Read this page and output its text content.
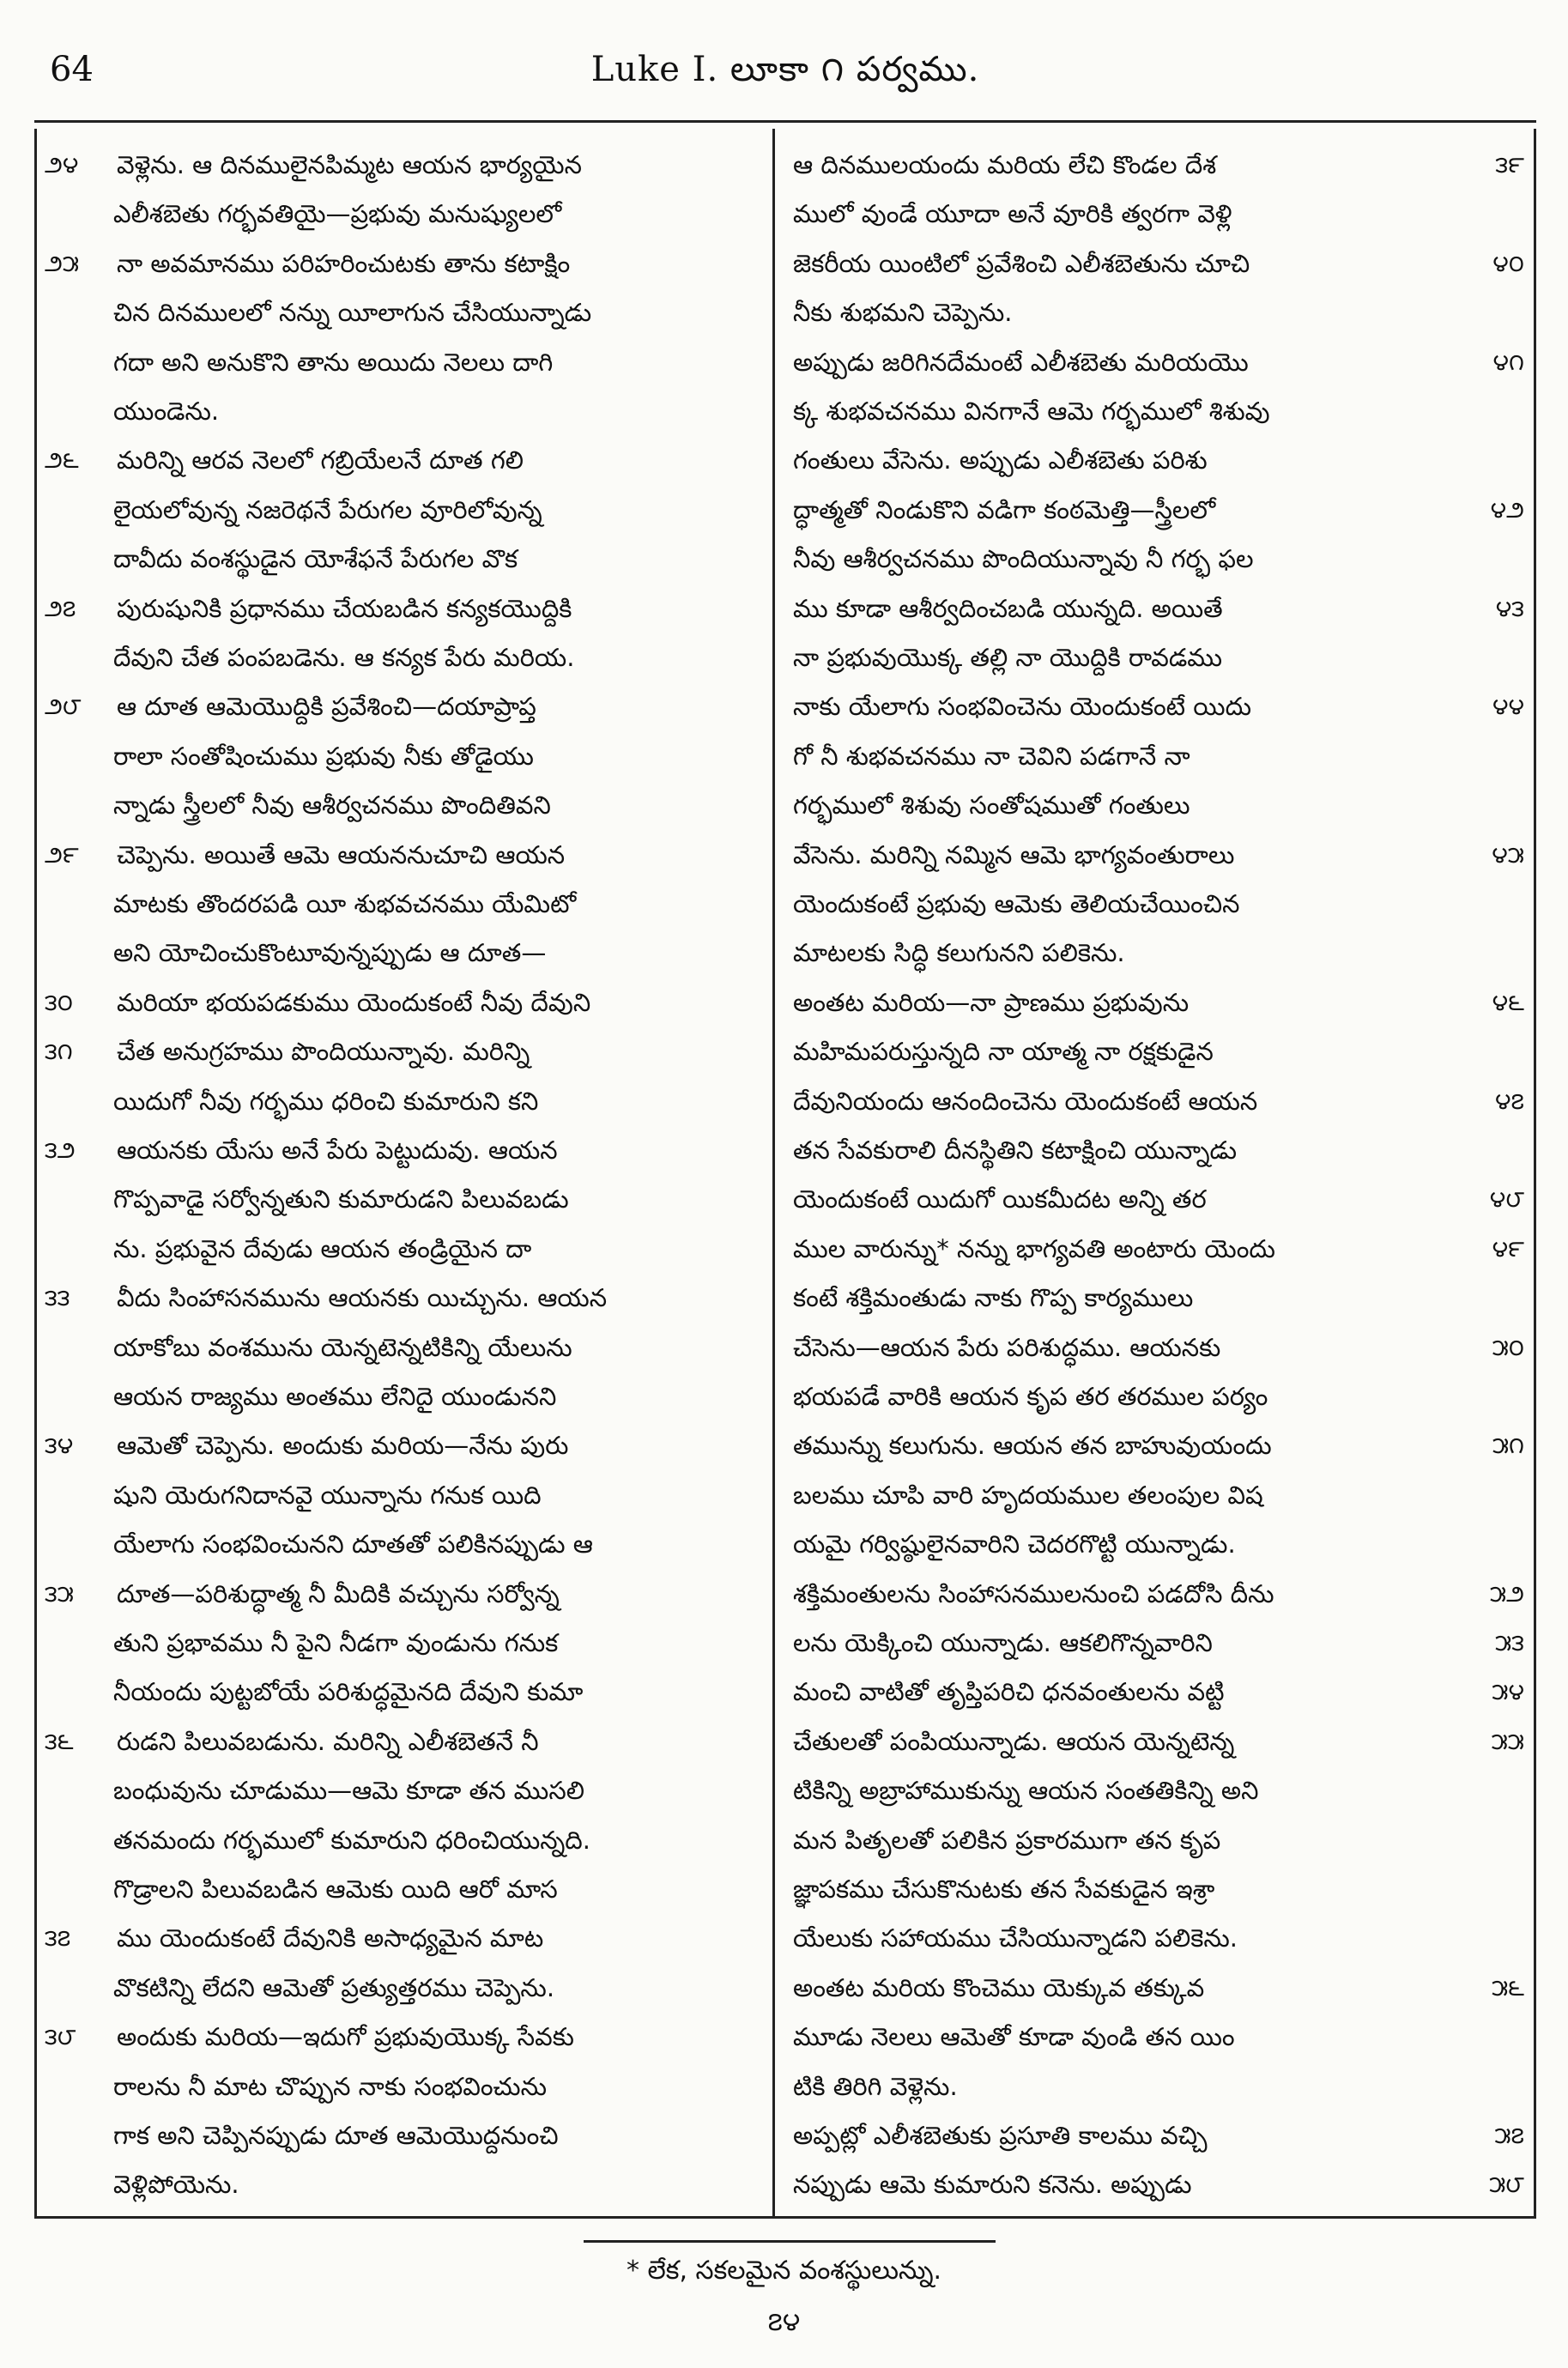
64	Luke I. లూకా ౧ పర్వము.
౨౪	వెళ్లెను. ఆ దినములైనపిమ్మట ఆయన భార్యయైన
ఎలీశబెతు గర్భవతియై—ప్రభువు మనుష్యులలో
౨౫	నా అవమానము పరిహరించుటకు తాను కటాక్షిం
చిన దినములలో నన్ను యీలాగున చేసియున్నాడు
గదా అని అనుకొని తాను అయిదు నెలలు దాగి
యుండెను.
౨౬	మరిన్ని ఆరవ నెలలో గబ్రియేలనే దూత గలి
లైయలోవున్న నజరెథనే పేరుగల వూరిలోవున్న
దావీదు వంశస్థుడైన యోశేఫనే పేరుగల వొక
౨౭	పురుషునికి ప్రధానము చేయబడిన కన్యకయొద్దికి
దేవుని చేత పంపబడెను. ఆ కన్యక పేరు మరియ.
౨౮	ఆ దూత ఆమెయొద్దికి ప్రవేశించి—దయాప్రాప్త
రాలా సంతోషించుము ప్రభువు నీకు తోడైయు
న్నాడు స్త్రీలలో నీవు ఆశీర్వచనము పొందితివని
౨౯	చెప్పెను. అయితే ఆమె ఆయననుచూచి ఆయన
మాటకు తొందరపడి యీ శుభవచనము యేమిటో
అని యోచించుకొంటూవున్నప్పుడు ఆ దూత—
౩౦	మరియా భయపడకుము యెందుకంటే నీవు దేవుని
౩౧	చేత అనుగ్రహము పొందియున్నావు. మరిన్ని
యిదుగో నీవు గర్భము ధరించి కుమారుని కని
౩౨	ఆయనకు యేసు అనే పేరు పెట్టుదువు. ఆయన
గొప్పవాడై సర్వోన్నతుని కుమారుడని పిలువబడు
ను. ప్రభువైన దేవుడు ఆయన తండ్రియైన దా
౩౩	వీదు సింహాసనమును ఆయనకు యిచ్చును. ఆయన
యాకోబు వంశమును యెన్నటెన్నటికిన్ని యేలును
ఆయన రాజ్యము అంతము లేనిదై యుండునని
౩౪	ఆమెతో చెప్పెను. అందుకు మరియ—నేను పురు
షుని యెరుగనిదానవై యున్నాను గనుక యిది
యేలాగు సంభవించునని దూతతో పలికినప్పుడు ఆ
౩౫	దూత—పరిశుద్ధాత్మ నీ మీదికి వచ్చును సర్వోన్న
తుని ప్రభావము నీ పైని నీడగా వుండును గనుక
నీయందు పుట్టబోయే పరిశుద్ధమైనది దేవుని కుమా
౩౬	రుడని పిలువబడును. మరిన్ని ఎలీశబెతనే నీ
బంధువును చూడుము—ఆమె కూడా తన ముసలి
తనమందు గర్భములో కుమారుని ధరించియున్నది.
గొడ్రాలని పిలువబడిన ఆమెకు యిది ఆరో మాస
౩౭	ము యెందుకంటే దేవునికి అసాధ్యమైన మాట
వొకటిన్ని లేదని ఆమెతో ప్రత్యుత్తరము చెప్పెను.
౩౮	అందుకు మరియ—ఇదుగో ప్రభువుయొక్క సేవకు
రాలను నీ మాట చొప్పున నాకు సంభవించును
గాక అని చెప్పినప్పుడు దూత ఆమెయొద్దనుంచి
వెళ్లిపోయెను.
ఆ దినములయందు మరియ లేచి కొండల దేశ	౩౯
ములో వుండే యూదా అనే వూరికి త్వరగా వెళ్లి
జెకరీయ యింటిలో ప్రవేశించి ఎలీశబెతును చూచి	౪౦
నీకు శుభమని చెప్పెను.
అప్పుడు జరిగినదేమంటే ఎలీశబెతు మరియయొ	౪౧
క్క శుభవచనము వినగానే ఆమె గర్భములో శిశువు
గంతులు వేసెను. అప్పుడు ఎలీశబెతు పరిశు
ద్ధాత్మతో నిండుకొని వడిగా కంఠమెత్తి—స్త్రీలలో	౪౨
నీవు ఆశీర్వచనము పొందియున్నావు నీ గర్భ ఫల
ము కూడా ఆశీర్వదించబడి యున్నది. అయితే	౪౩
నా ప్రభువుయొక్క తల్లి నా యొద్దికి రావడము
నాకు యేలాగు సంభవించెను యెందుకంటే యిదు	౪౪
గో నీ శుభవచనము నా చెవిని పడగానే నా
గర్భములో శిశువు సంతోషముతో గంతులు
వేసెను. మరిన్ని నమ్మిన ఆమె భాగ్యవంతురాలు	౪౫
యెందుకంటే ప్రభువు ఆమెకు తెలియచేయించిన
మాటలకు సిద్ధి కలుగునని పలికెను.
అంతట మరియ—నా ప్రాణము ప్రభువును	౪౬
మహిమపరుస్తున్నది నా యాత్మ నా రక్షకుడైన
దేవునియందు ఆనందించెను యెందుకంటే ఆయన	౪౭
తన సేవకురాలి దీనస్థితిని కటాక్షించి యున్నాడు
యెందుకంటే యిదుగో యికమీదట అన్ని తర	౪౮
ముల వారున్ను* నన్ను భాగ్యవతి అంటారు యెందు	౪౯
కంటే శక్తిమంతుడు నాకు గొప్ప కార్యములు
చేసెను—ఆయన పేరు పరిశుద్ధము. ఆయనకు	౫౦
భయపడే వారికి ఆయన కృప తర తరముల పర్యం
తమున్ను కలుగును. ఆయన తన బాహువుయందు	౫౧
బలము చూపి వారి హృదయముల తలంపుల విష
యమై గర్విష్ఠులైనవారిని చెదరగొట్టి యున్నాడు.
శక్తిమంతులను సింహాసనములనుంచి పడదోసి దీను	౫౨
లను యెక్కించి యున్నాడు. ఆకలిగొన్నవారిని	౫౩
మంచి వాటితో తృప్తిపరిచి ధనవంతులను వట్టి	౫౪
చేతులతో పంపియున్నాడు. ఆయన యెన్నటెన్న	౫౫
టికిన్ని అబ్రాహాముకున్ను ఆయన సంతతికిన్ని అని
మన పితృలతో పలికిన ప్రకారముగా తన కృప
జ్ఞాపకము చేసుకొనుటకు తన సేవకుడైన ఇశ్రా
యేలుకు సహాయము చేసియున్నాడని పలికెను.
అంతట మరియ కొంచెము యెక్కువ తక్కువ	౫౬
మూడు నెలలు ఆమెతో కూడా వుండి తన యిం
టికి తిరిగి వెళ్లెను.
అప్పట్లో ఎలీశబెతుకు ప్రసూతి కాలము వచ్చి	౫౭
నప్పుడు ఆమె కుమారుని కనెను. అప్పుడు	౫౮
* లేక, సకలమైన వంశస్థులున్ను.
౭౪
